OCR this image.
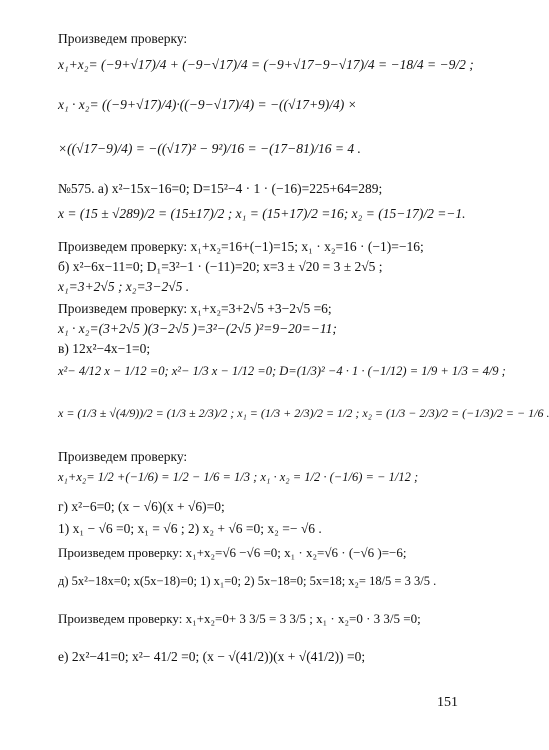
Произведем проверку:
x₁+x₂= (−9+√17)/4 + (−9−√17)/4 = (−9+√17−9−√17)/4 = −18/4 = −9/2 ;
x₁ · x₂= ((−9+√17)/4)·((−9−√17)/4) = −((√17+9)/4) ×
×((√17−9)/4) = −((√17)² − 9²)/16 = −(17−81)/16 = 4 .
№575. а) x²−15x−16=0; D=15²−4 · 1 · (−16)=225+64=289;
x = (15 ± √289)/2 = (15±17)/2 ; x₁ = (15+17)/2 =16; x₂ = (15−17)/2 =−1.
Произведем проверку: x₁+x₂=16+(−1)=15; x₁ · x₂=16 · (−1)=−16;
б) x²−6x−11=0; D₁=3²−1 · (−11)=20; x=3 ± √20 = 3 ± 2√5 ;
x₁=3+2√5 ; x₂=3−2√5 .
Произведем проверку: x₁+x₂=3+2√5 +3−2√5 =6;
x₁ · x₂=(3+2√5 )(3−2√5 )=3²−(2√5 )²=9−20=−11;
в) 12x²−4x−1=0;
x²− 4/12 x − 1/12 =0; x²− 1/3 x − 1/12 =0; D=(1/3)² −4 · 1 · (−1/12) = 1/9 + 1/3 = 4/9 ;
x = (1/3 ± √(4/9))/2 = (1/3 ± 2/3)/2 ; x₁ = (1/3 + 2/3)/2 = 1/2 ; x₂ = (1/3 − 2/3)/2 = (−1/3)/2 = − 1/6 .
Произведем проверку:
x₁+x₂= 1/2 +(−1/6) = 1/2 − 1/6 = 1/3 ; x₁ · x₂ = 1/2 · (−1/6) = − 1/12 ;
г) x²−6=0; (x − √6)(x + √6)=0;
1) x₁ − √6 =0; x₁ = √6 ; 2) x₂ + √6 =0; x₂ =− √6 .
Произведем проверку: x₁+x₂=√6 −√6 =0; x₁ · x₂=√6 · (−√6 )=−6;
д) 5x²−18x=0; x(5x−18)=0; 1) x₁=0; 2) 5x−18=0; 5x=18; x₂= 18/5 = 3 3/5 .
Произведем проверку: x₁+x₂=0+ 3 3/5 = 3 3/5 ; x₁ · x₂=0 · 3 3/5 =0;
е) 2x²−41=0; x²− 41/2 =0; (x − √(41/2))(x + √(41/2)) =0;
151
